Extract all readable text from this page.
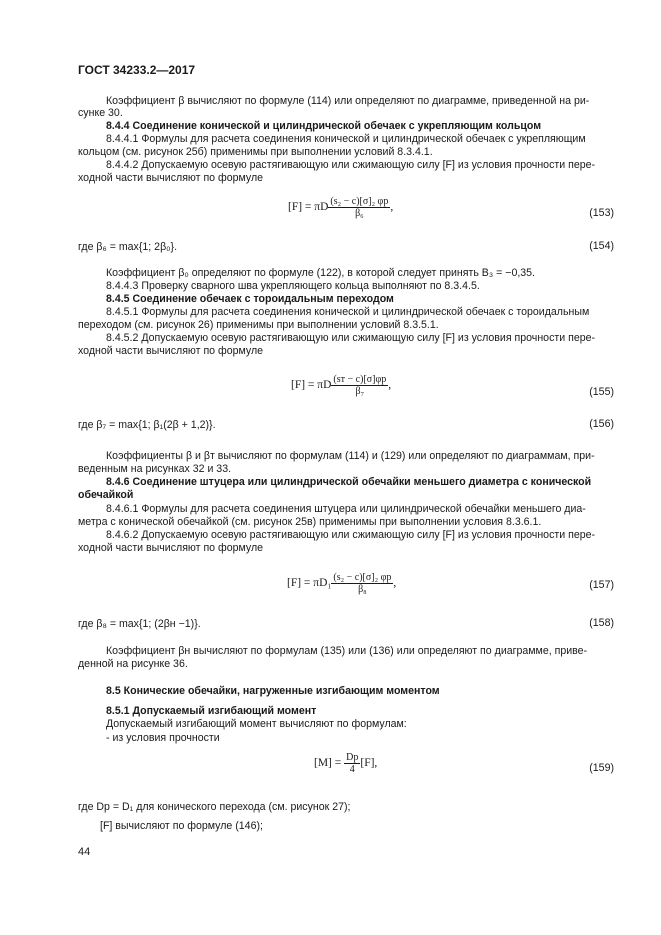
ГОСТ 34233.2—2017
Коэффициент β вычисляют по формуле (114) или определяют по диаграмме, приведенной на ри-
сунке 30.
8.4.4 Соединение конической и цилиндрической обечаек с укрепляющим кольцом
8.4.4.1 Формулы для расчета соединения конической и цилиндрической обечаек с укрепляющим
кольцом (см. рисунок 25б) применимы при выполнении условий 8.3.4.1.
8.4.4.2 Допускаемую осевую растягивающую или сжимающую силу [F] из условия прочности пере-
ходной части вычисляют по формуле
[F] = πD $\frac{\text{(s₂ − c)[σ]₂ φp}}{\text{β₆}}$ ,	(153)
где β₆ = max{1; 2β₀}.	(154)
Коэффициент β₀ определяют по формуле (122), в которой следует принять B₃ = −0,35.
8.4.4.3 Проверку сварного шва укрепляющего кольца выполняют по 8.3.4.5.
8.4.5 Соединение обечаек с тороидальным переходом
8.4.5.1 Формулы для расчета соединения конической и цилиндрической обечаек с тороидальным
переходом (см. рисунок 26) применимы при выполнении условий 8.3.5.1.
8.4.5.2 Допускаемую осевую растягивающую или сжимающую силу [F] из условия прочности пере-
ходной части вычисляют по формуле
[F] = πD $\frac{(sт - c)[\sigma]\varphi p}{\text{β₇}}$ ,
(155)
где β₇ = max{1; β₁(2β + 1,2)}.	(156)
Коэффициенты β и βт вычисляют по формулам (114) и (129) или определяют по диаграммам, при-
веденным на рисунках 32 и 33.
8.4.6 Соединение штуцера или цилиндрической обечайки меньшего диаметра с конической
обечайкой
8.4.6.1 Формулы для расчета соединения штуцера или цилиндрической обечайки меньшего диа-
метра с конической обечайкой (см. рисунок 25в) применимы при выполнении условия 8.3.6.1.
8.4.6.2 Допускаемую осевую растягивающую или сжимающую силу [F] из условия прочности пере-
ходной части вычисляют по формуле
$[F] = \pi D_1 \frac{\text{(s₂ − c)[σ]₂ φp}}{\text{β₈}}$ ,	(157)
где β₈ = max{1; (2βн −1)}.	(158)
Коэффициент βн вычисляют по формулам (135) или (136) или определяют по диаграмме, приве-
денной на рисунке 36.
8.5 Конические обечайки, нагруженные изгибающим моментом
8.5.1 Допускаемый изгибающий момент
Допускаемый изгибающий момент вычисляют по формулам:
- из условия прочности
$[M] = \frac{Dp}{4} [F]$,	(159)
где Dp = D₁ для конического перехода (см. рисунок 27);
[F] вычисляют по формуле (146);
44
